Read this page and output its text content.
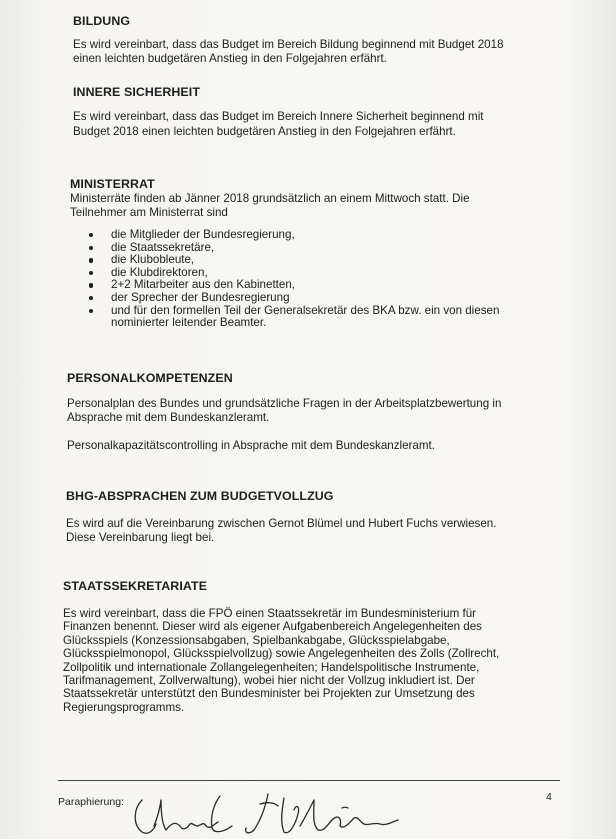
BILDUNG

Es wird vereinbart, dass das Budget im Bereich Bildung beginnend mit Budget 2018

einen leichten budgetären Anstieg in den Folgejahren erfährt.

INNERE SICHERHEIT

Es wird vereinbart, dass das Budget im Bereich Innere Sicherheit beginnend mit

Budget 2018 einen leichten budgetären Anstieg in den Folgejahren erfährt.

MINISTERRAT

Ministerräte finden ab Jänner 2018 grundsätzlich an einem Mittwoch statt. Die

Teilnehmer am Ministerrat sind

die Mitglieder der Bundesregierung,
die Staatssekretäre,
die Klubobleute,
die Klubdirektoren,
2+2 Mitarbeiter aus den Kabinetten,
der Sprecher der Bundesregierung
und für den formellen Teil der Generalsekretär des BKA bzw. ein von diesen
nominierter leitender Beamter.
PERSONALKOMPETENZEN

Personalplan des Bundes und grundsätzliche Fragen in der Arbeitsplatzbewertung in

Absprache mit dem Bundeskanzleramt.

Personalkapazitätscontrolling in Absprache mit dem Bundeskanzleramt.

BHG-ABSPRACHEN ZUM BUDGETVOLLZUG

Es wird auf die Vereinbarung zwischen Gernot Blümel und Hubert Fuchs verwiesen.

Diese Vereinbarung liegt bei.

STAATSSEKRETARIATE

Es wird vereinbart, dass die FPÖ einen Staatssekretär im Bundesministerium für

Finanzen benennt. Dieser wird als eigener Aufgabenbereich Angelegenheiten des

Glücksspiels (Konzessionsabgaben, Spielbankabgabe, Glücksspielabgabe,

Glücksspielmonopol, Glücksspielvollzug) sowie Angelegenheiten des Zolls (Zollrecht,

Zollpolitik und internationale Zollangelegenheiten; Handelspolitische Instrumente,

Tarifmanagement, Zollverwaltung), wobei hier nicht der Vollzug inkludiert ist. Der

Staatssekretär unterstützt den Bundesminister bei Projekten zur Umsetzung des

Regierungsprogramms.

Paraphierung:	4
